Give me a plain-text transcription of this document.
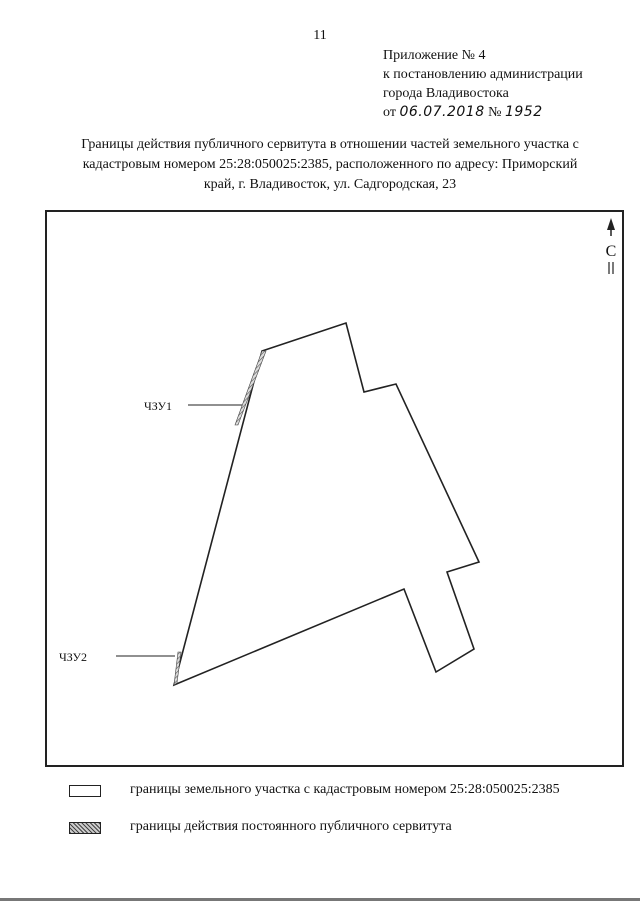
11
Приложение № 4
к постановлению администрации
города Владивостока
от 06.07.2018 № 1952
Границы действия публичного сервитута в отношении частей земельного участка с
кадастровым номером 25:28:050025:2385, расположенного по адресу: Приморский
край, г. Владивосток, ул. Садгородская, 23
С
ЧЗУ1
ЧЗУ2
границы земельного участка с кадастровым номером 25:28:050025:2385
границы действия постоянного публичного сервитута
